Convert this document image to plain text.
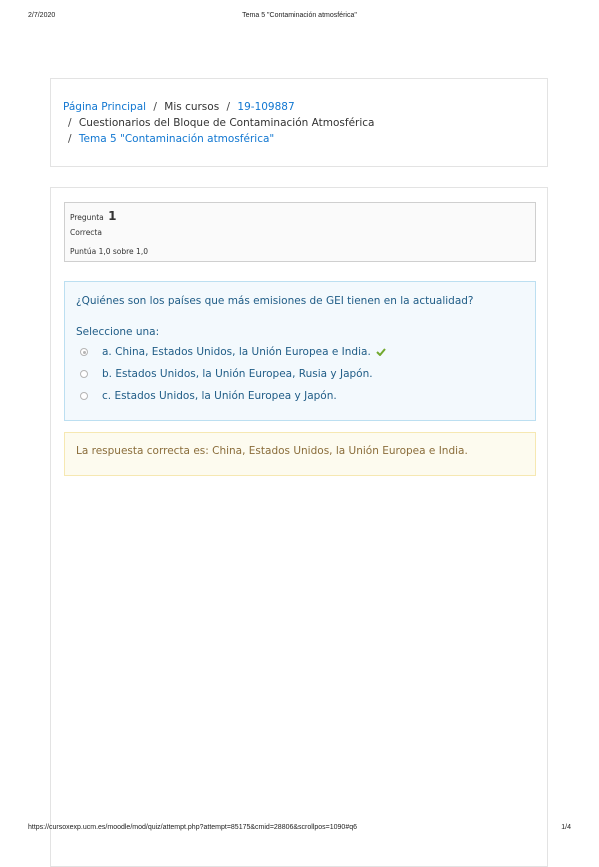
2/7/2020	Tema 5 "Contaminación atmosférica"
Página Principal / Mis cursos / 19-109887
/ Cuestionarios del Bloque de Contaminación Atmosférica
/ Tema 5 "Contaminación atmosférica"
Pregunta 1
Correcta
Puntúa 1,0 sobre 1,0
¿Quiénes son los países que más emisiones de GEI tienen en la actualidad?
Seleccione una:
a. China, Estados Unidos, la Unión Europea e India.
b. Estados Unidos, la Unión Europea, Rusia y Japón.
c. Estados Unidos, la Unión Europea y Japón.
La respuesta correcta es: China, Estados Unidos, la Unión Europea e India.
https://cursoxexp.ucm.es/moodle/mod/quiz/attempt.php?attempt=85175&cmid=28806&scrollpos=1090#q6	1/4
